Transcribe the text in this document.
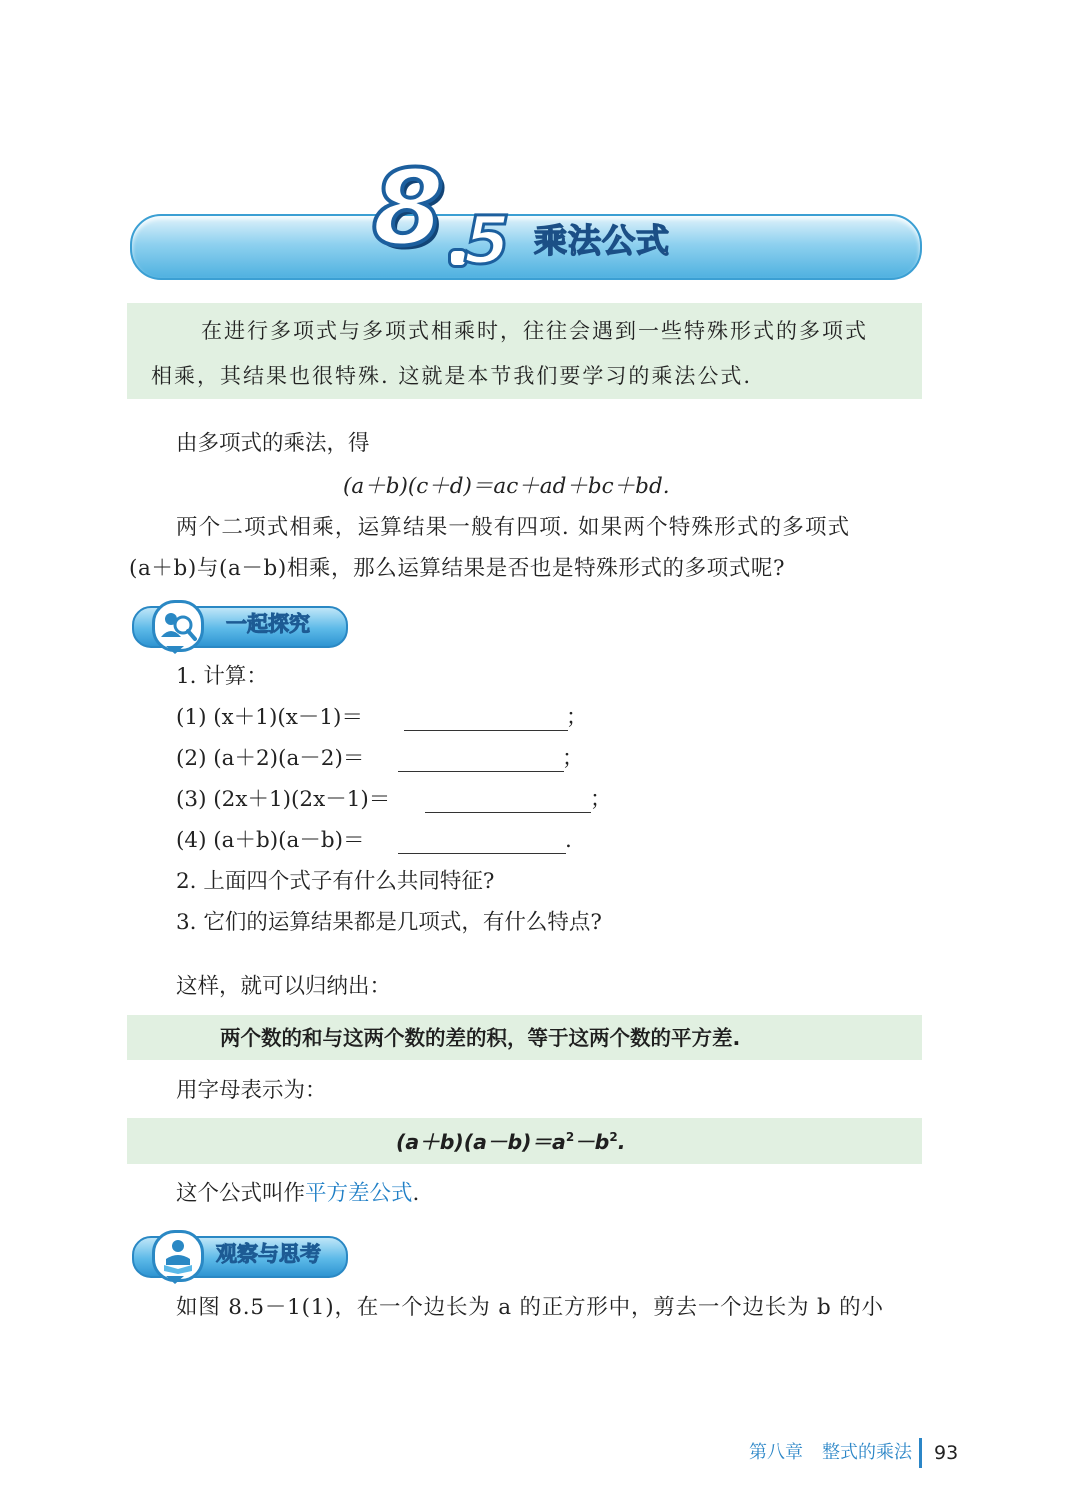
8 5 乘法公式

在进行多项式与多项式相乘时，往往会遇到一些特殊形式的多项式

相乘，其结果也很特殊. 这就是本节我们要学习的乘法公式.

由多项式的乘法，得
(a＋b)(c＋d)＝ac＋ad＋bc＋bd.
两个二项式相乘，运算结果一般有四项. 如果两个特殊形式的多项式
(a＋b)与(a－b)相乘，那么运算结果是否也是特殊形式的多项式呢?
一起探究
1. 计算：
(1) (x＋1)(x－1)＝	；
(2) (a＋2)(a－2)＝	；
(3) (2x＋1)(2x－1)＝	；
(4) (a＋b)(a－b)＝	.
2. 上面四个式子有什么共同特征?
3. 它们的运算结果都是几项式，有什么特点?
这样，就可以归纳出：
两个数的和与这两个数的差的积，等于这两个数的平方差.
用字母表示为：
$(a+b)(a-b)=a^2-b^2$.
这个公式叫作平方差公式.
观察与思考
如图 8.5－1(1)，在一个边长为 a 的正方形中，剪去一个边长为 b 的小
第八章 整式的乘法 93
